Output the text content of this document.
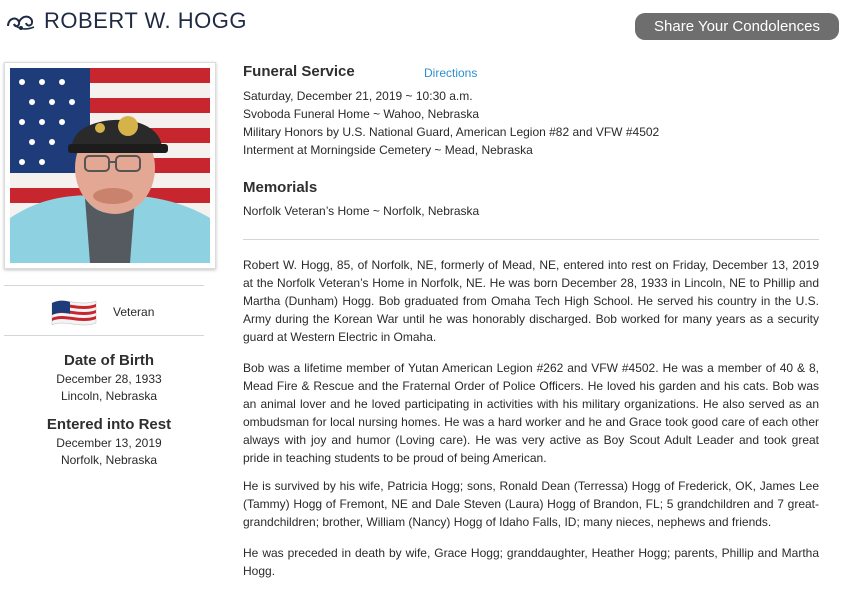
ROBERT W. HOGG	Share Your Condolences
Veteran
Date of Birth
December 28, 1933
Lincoln, Nebraska
Entered into Rest
December 13, 2019
Norfolk, Nebraska
Funeral Service	Directions
Saturday, December 21, 2019 ~ 10:30 a.m.
Svoboda Funeral Home ~ Wahoo, Nebraska
Military Honors by U.S. National Guard, American Legion #82 and VFW #4502
Interment at Morningside Cemetery ~ Mead, Nebraska
Memorials
Norfolk Veteran’s Home ~ Norfolk, Nebraska

Robert W. Hogg, 85, of Norfolk, NE, formerly of Mead, NE, entered into rest on Friday, December 13, 2019 at the Norfolk Veteran’s Home in Norfolk, NE. He was born December 28, 1933 in Lincoln, NE to Phillip and Martha (Dunham) Hogg. Bob graduated from Omaha Tech High School. He served his country in the U.S. Army during the Korean War until he was honorably discharged. Bob worked for many years as a security guard at Western Electric in Omaha.

Bob was a lifetime member of Yutan American Legion #262 and VFW #4502. He was a member of 40 & 8, Mead Fire & Rescue and the Fraternal Order of Police Officers. He loved his garden and his cats. Bob was an animal lover and he loved participating in activities with his military organizations. He also served as an ombudsman for local nursing homes. He was a hard worker and he and Grace took good care of each other always with joy and humor (Loving care). He was very active as Boy Scout Adult Leader and took great pride in teaching students to be proud of being American.

He is survived by his wife, Patricia Hogg; sons, Ronald Dean (Terressa) Hogg of Frederick, OK, James Lee (Tammy) Hogg of Fremont, NE and Dale Steven (Laura) Hogg of Brandon, FL; 5 grandchildren and 7 great-grandchildren; brother, William (Nancy) Hogg of Idaho Falls, ID; many nieces, nephews and friends.

He was preceded in death by wife, Grace Hogg; granddaughter, Heather Hogg; parents, Phillip and Martha Hogg.
